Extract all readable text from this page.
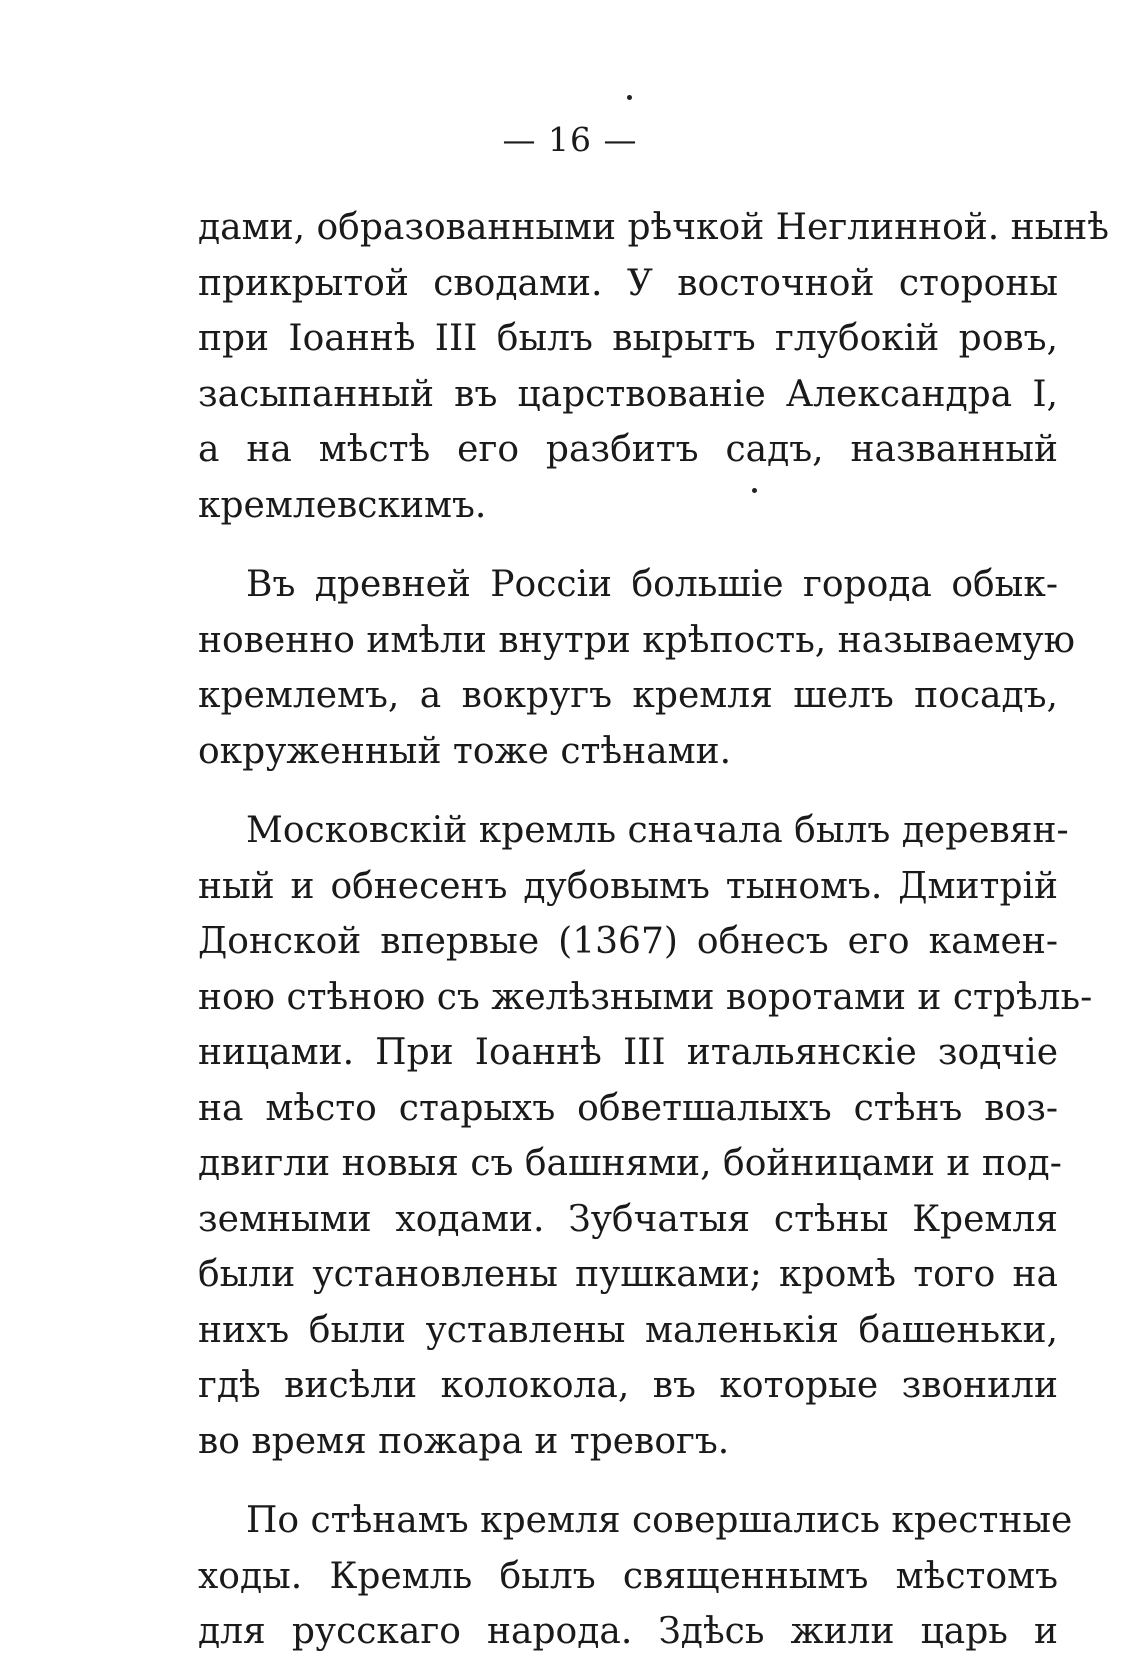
— 16 —

дами, образованными рѣчкой Неглинной. нынѣ
прикрытой сводами. У восточной стороны
при Іоаннѣ III былъ вырытъ глубокій ровъ,
засыпанный въ царствованіе Александра I,
а на мѣстѣ его разбитъ садъ, названный
кремлевскимъ.

Въ древней Россіи большіе города обык-
новенно имѣли внутри крѣпость, называемую
кремлемъ, а вокругъ кремля шелъ посадъ,
окруженный тоже стѣнами.

Московскій кремль сначала былъ деревян-
ный и обнесенъ дубовымъ тыномъ. Дмитрій
Донской впервые (1367) обнесъ его камен-
ною стѣною съ желѣзными воротами и стрѣль-
ницами. При Іоаннѣ III итальянскіе зодчіе
на мѣсто старыхъ обветшалыхъ стѣнъ воз-
двигли новыя съ башнями, бойницами и под-
земными ходами. Зубчатыя стѣны Кремля
были установлены пушками; кромѣ того на
нихъ были уставлены маленькія башеньки,
гдѣ висѣли колокола, въ которые звонили
во время пожара и тревогъ.

По стѣнамъ кремля совершались крестные
ходы. Кремль былъ священнымъ мѣстомъ
для русскаго народа. Здѣсь жили царь и
